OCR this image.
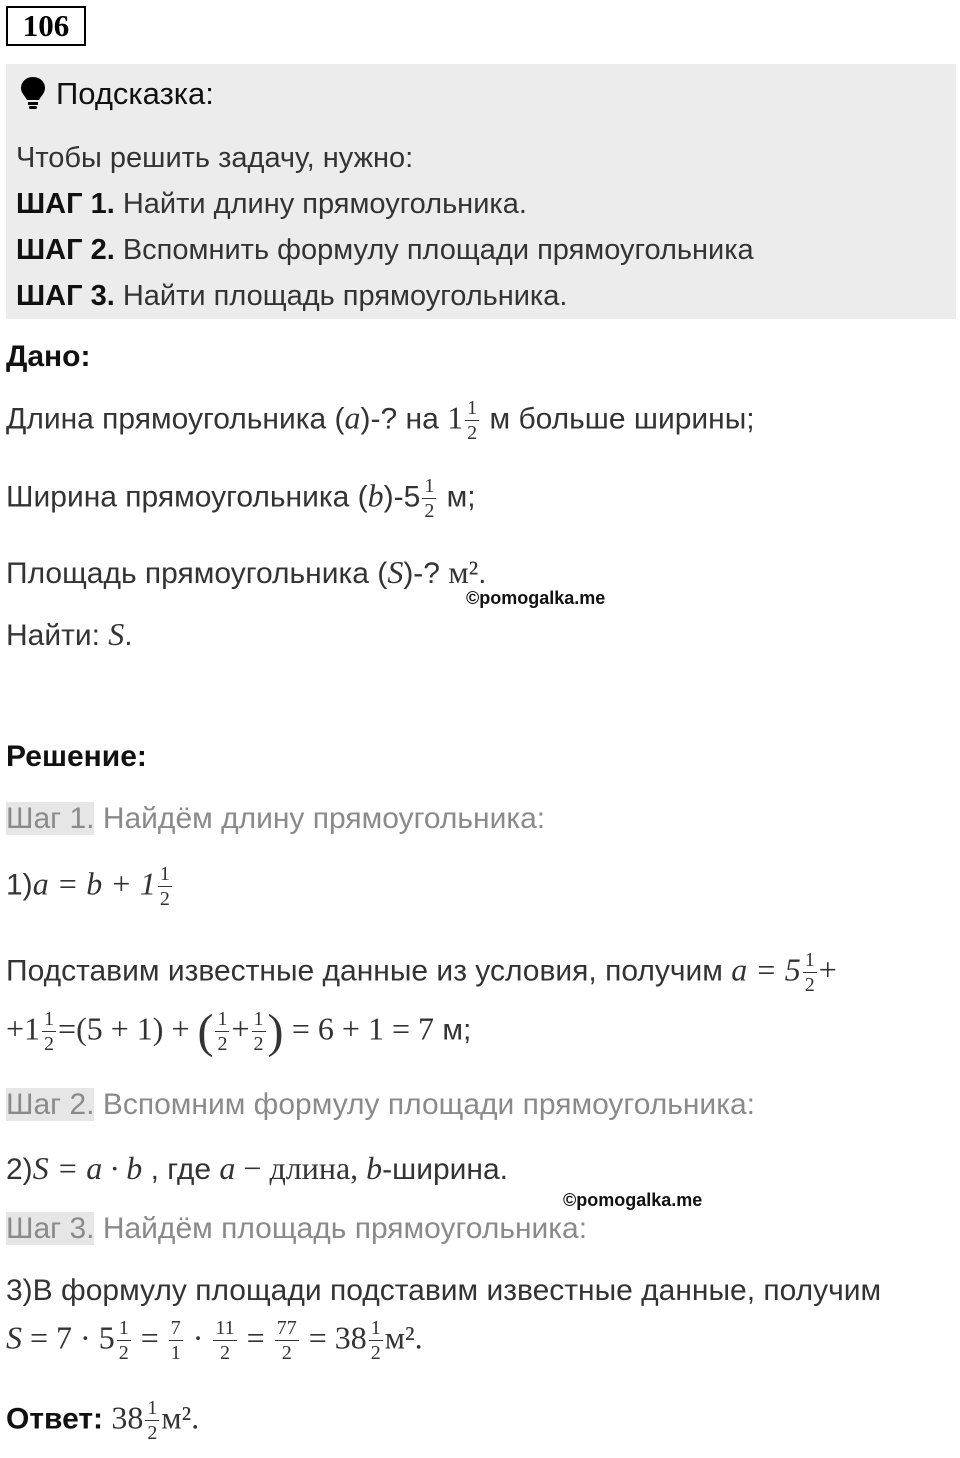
106
Подсказка:
Чтобы решить задачу, нужно:
ШАГ 1. Найти длину прямоугольника.
ШАГ 2. Вспомнить формулу площади прямоугольника
ШАГ 3. Найти площадь прямоугольника.
Дано:
Длина прямоугольника (a)-? на $1 \frac{1}{2}$ м больше ширины;
Ширина прямоугольника $(b)-5 \frac{1}{2} м$;
Площадь прямоугольника (S)-? м².
©pomogalka.me
Найти: S.
Решение:
Шаг 1. Найдём длину прямоугольника:
$1)a = b + 1 \frac{1}{2}$
Подставим известные данные из условия, получим $a = 5 \frac{1}{2}$ +
$+1 \frac{1}{2} =(5 + 1)$ + ( $\frac{1}{2} + \frac{1}{2}$ ) = 6 + 1 = 7 м;
Шаг 2. Вспомним формулу площади прямоугольника:
2)S = a · b , где a − длина, b-ширина.
©pomogalka.me
Шаг 3. Найдём площадь прямоугольника:
3)В формулу площади подставим известные данные, получим
$S = 7 \cdot 5 \frac{1}{2} = \frac{7}{1} \cdot \frac{11}{2} = \frac{77}{2} = 38 \frac{1}{2} м^2$.
Ответ: $38 \frac{1}{2} м^2$.
